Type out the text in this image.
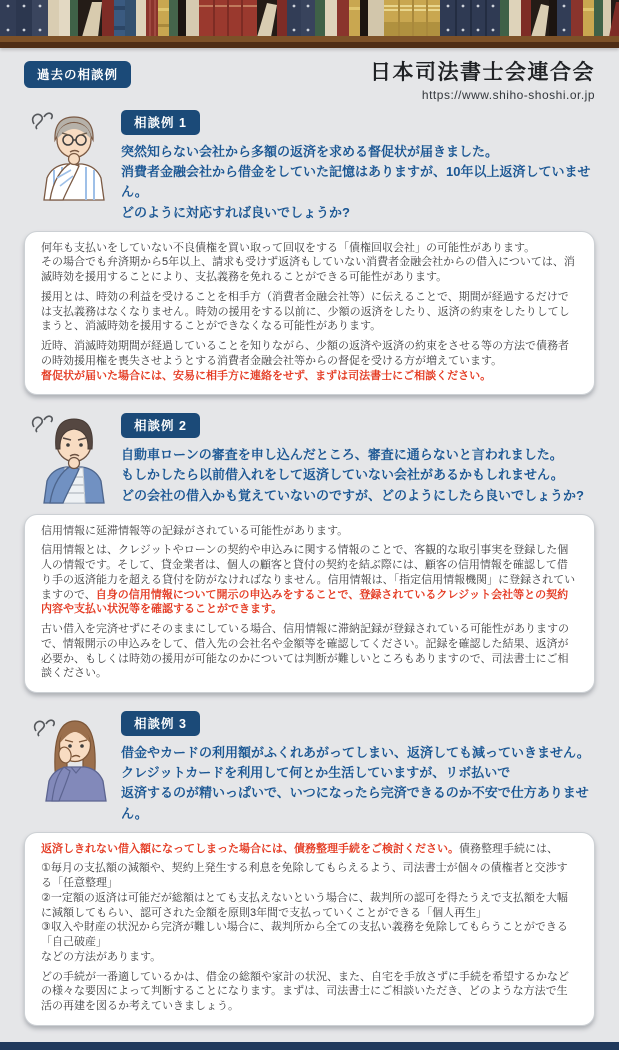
過去の相談例	日本司法書士会連合会
https://www.shiho-shoshi.or.jp
相談例 1
突然知らない会社から多額の返済を求める督促状が届きました。
消費者金融会社から借金をしていた記憶はありますが、10年以上返済していません。
どのように対応すれば良いでしょうか?

何年も支払いをしていない不良債権を買い取って回収をする「債権回収会社」の可能性があります。
その場合でも弁済期から5年以上、請求も受けず返済もしていない消費者金融会社からの借入については、消滅時効を援用することにより、支払義務を免れることができる可能性があります。

援用とは、時効の利益を受けることを相手方（消費者金融会社等）に伝えることで、期間が経過するだけでは支払義務はなくなりません。時効の援用をする以前に、少額の返済をしたり、返済の約束をしたりしてしまうと、消滅時効を援用することができなくなる可能性があります。

近時、消滅時効期間が経過していることを知りながら、少額の返済や返済の約束をさせる等の方法で債務者の時効援用権を喪失させようとする消費者金融会社等からの督促を受ける方が増えています。
督促状が届いた場合には、安易に相手方に連絡をせず、まずは司法書士にご相談ください。

相談例 2
自動車ローンの審査を申し込んだところ、審査に通らないと言われました。
もしかしたら以前借入れをして返済していない会社があるかもしれません。
どの会社の借入かも覚えていないのですが、どのようにしたら良いでしょうか?

信用情報に延滞情報等の記録がされている可能性があります。

信用情報とは、クレジットやローンの契約や申込みに関する情報のことで、客観的な取引事実を登録した個人の情報です。そして、貸金業者は、個人の顧客と貸付の契約を結ぶ際には、顧客の信用情報を確認して借り手の返済能力を超える貸付を防がなければなりません。信用情報は、「指定信用情報機関」に登録されていますので、自身の信用情報について開示の申込みをすることで、登録されているクレジット会社等との契約内容や支払い状況等を確認することができます。

古い借入を完済せずにそのままにしている場合、信用情報に滞納記録が登録されている可能性がありますので、情報開示の申込みをして、借入先の会社名や金額等を確認してください。記録を確認した結果、返済が必要か、もしくは時効の援用が可能なのかについては判断が難しいところもありますので、司法書士にご相談ください。

相談例 3
借金やカードの利用額がふくれあがってしまい、返済しても減っていきません。
クレジットカードを利用して何とか生活していますが、リボ払いで
返済するのが精いっぱいで、いつになったら完済できるのか不安で仕方ありません。

返済しきれない借入額になってしまった場合には、債務整理手続をご検討ください。債務整理手続には、

①毎月の支払額の減額や、契約上発生する利息を免除してもらえるよう、司法書士が個々の債権者と交渉する「任意整理」
②一定額の返済は可能だが総額はとても支払えないという場合に、裁判所の認可を得たうえで支払額を大幅に減額してもらい、認可された金額を原則3年間で支払っていくことができる「個人再生」
③収入や財産の状況から完済が難しい場合に、裁判所から全ての支払い義務を免除してもらうことができる「自己破産」
などの方法があります。

どの手続が一番適しているかは、借金の総額や家計の状況、また、自宅を手放さずに手続を希望するかなどの様々な要因によって判断することになります。まずは、司法書士にご相談いただき、どのような方法で生活の再建を図るか考えていきましょう。
